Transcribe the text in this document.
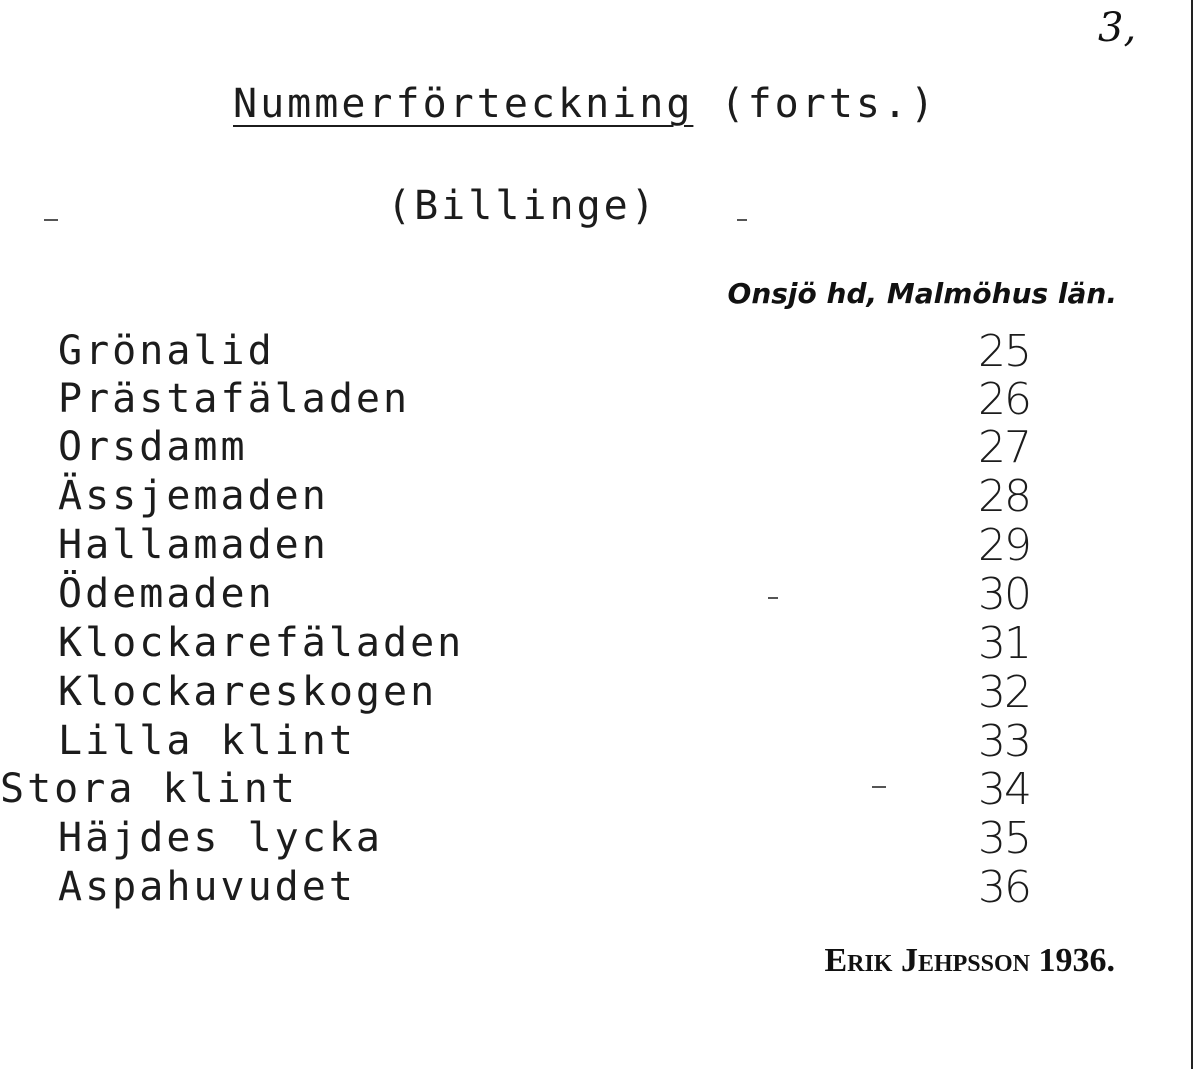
3,
Nummerförteckning (forts.)
(Billinge)
Onsjö hd, Malmöhus län.
Grönalid	25
Prästafäladen	26
Orsdamm	27
Ässjemaden	28
Hallamaden	29
Ödemaden	30
Klockarefäladen	31
Klockareskogen	32
Lilla klint	33
Stora klint	34
Häjdes lycka	35
Aspahuvudet	36
Erik Jehpsson 1936.
